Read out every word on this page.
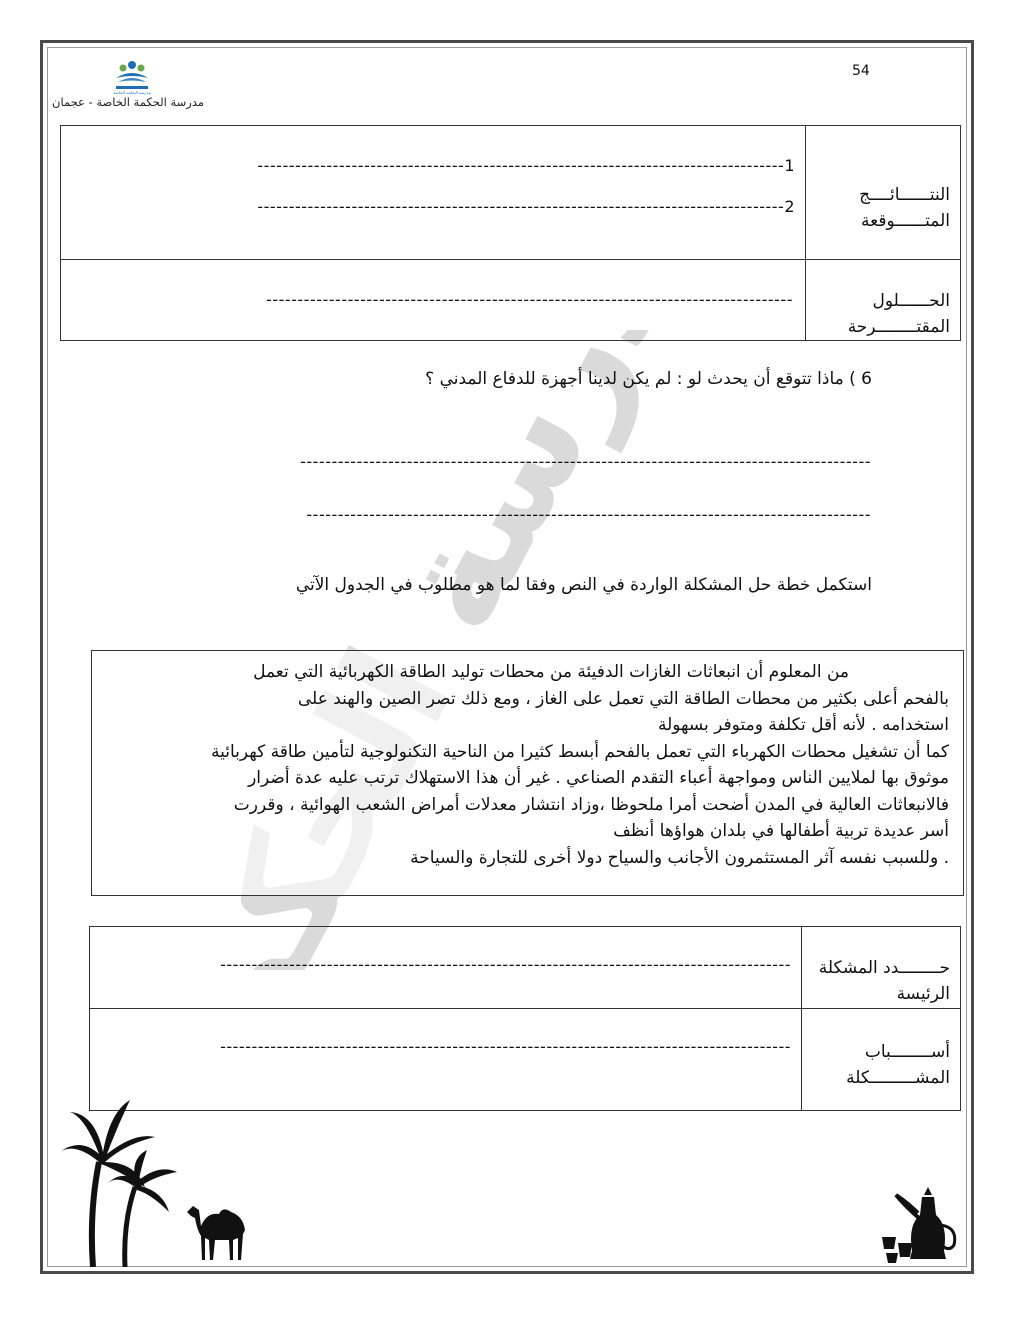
54
مدرسة الحكمة الخاصة
مدرسة الحكمة الخاصة - عجمان
النتــــــائــــج المتــــــوقعة	1------------------------------------------------------------------------------------
2------------------------------------------------------------------------------------

الحــــــلول المقتــــــــرحة	------------------------------------------------------------------------------------
6 ) ماذا تتوقع أن يحدث لو : لم يكن لدينا أجهزة للدفاع المدني ؟
-------------------------------------------------------------------------------------------
------------------------------------------------------------------------------------------
استكمل خطة حل المشكلة الواردة في النص وفقا لما هو مطلوب في الجدول الآتي
من المعلوم أن انبعاثات الغازات الدفيئة من محطات توليد الطاقة الكهربائية التي تعمل
بالفحم أعلى بكثير من محطات الطاقة التي تعمل على الغاز ، ومع ذلك تصر الصين والهند على
استخدامه . لأنه أقل تكلفة ومتوفر بسهولة
كما أن تشغيل محطات الكهرباء التي تعمل بالفحم أبسط كثيرا من الناحية التكنولوجية لتأمين طاقة كهربائية
موثوق بها لملايين الناس ومواجهة أعباء التقدم الصناعي . غير أن هذا الاستهلاك ترتب عليه عدة أضرار
فالانبعاثات العالية في المدن أضحت أمرا ملحوظا ،وزاد انتشار معدلات أمراض الشعب الهوائية ، وقررت
أسر عديدة تربية أطفالها في بلدان هواؤها أنظف
. وللسبب نفسه آثر المستثمرون الأجانب والسياح دولا أخرى للتجارة والسياحة
حــــــــدد المشكلة الرئيسة	-------------------------------------------------------------------------------------------

أســــــــباب المشـــــــــكلة	-------------------------------------------------------------------------------------------
